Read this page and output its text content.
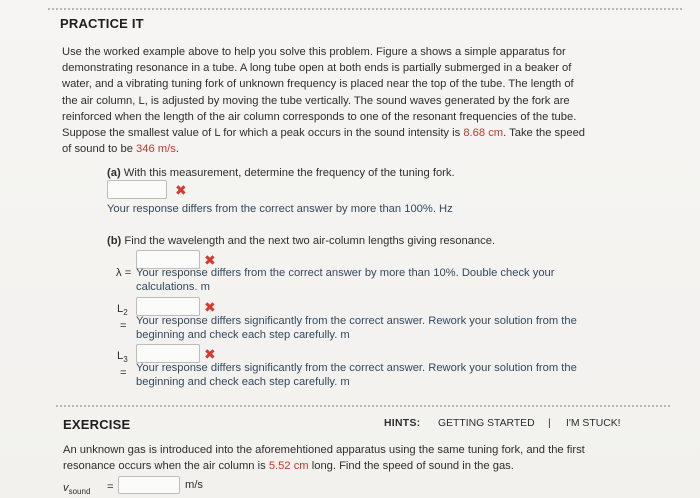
PRACTICE IT
Use the worked example above to help you solve this problem. Figure a shows a simple apparatus for
demonstrating resonance in a tube. A long tube open at both ends is partially submerged in a beaker of
water, and a vibrating tuning fork of unknown frequency is placed near the top of the tube. The length of
the air column, L, is adjusted by moving the tube vertically. The sound waves generated by the fork are
reinforced when the length of the air column corresponds to one of the resonant frequencies of the tube.
Suppose the smallest value of L for which a peak occurs in the sound intensity is 8.68 cm. Take the speed
of sound to be 346 m/s.
(a) With this measurement, determine the frequency of the tuning fork.
✖
Your response differs from the correct answer by more than 100%. Hz
(b) Find the wavelength and the next two air-column lengths giving resonance.
✖
λ = Your response differs from the correct answer by more than 10%. Double check your
calculations. m
✖
$L_2$
= Your response differs significantly from the correct answer. Rework your solution from the
beginning and check each step carefully. m
✖
$L_3$
= Your response differs significantly from the correct answer. Rework your solution from the
beginning and check each step carefully. m
EXERCISE	HINTS: GETTING STARTED | I'M STUCK!
An unknown gas is introduced into the aforemehtioned apparatus using the same tuning fork, and the first
resonance occurs when the air column is 5.52 cm long. Find the speed of sound in the gas.
$v_{sound}$ =	m/s
